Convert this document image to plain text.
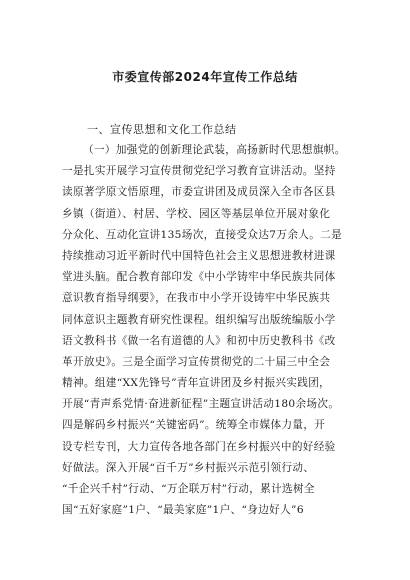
市委宣传部2024年宣传工作总结
一、宣传思想和文化工作总结
（一）加强党的创新理论武装，高扬新时代思想旗帜。
一是扎实开展学习宣传贯彻党纪学习教育宣讲活动。坚持
读原著学原文悟原理，市委宣讲团及成员深入全市各区县
乡镇（街道）、村居、学校、园区等基层单位开展对象化
分众化、互动化宣讲135场次，直接受众达7万余人。二是
持续推动习近平新时代中国特色社会主义思想进教材进课
堂进头脑。配合教育部印发《中小学铸牢中华民族共同体
意识教育指导纲要》，在我市中小学开设铸牢中华民族共
同体意识主题教育研究性课程。组织编写出版统编版小学
语文教科书《做一名有道德的人》和初中历史教科书《改
革开放史》。三是全面学习宣传贯彻党的二十届三中全会
精神。组建“XX先锋号”青年宣讲团及乡村振兴实践团，
开展“青声系党情·奋进新征程”主题宣讲活动180余场次。
四是解码乡村振兴“关键密码”。统筹全市媒体力量，开
设专栏专刊，大力宣传各地各部门在乡村振兴中的好经验
好做法。深入开展“百千万”乡村振兴示范引领行动、
“千企兴千村”行动、“万企联万村”行动，累计选树全
国“五好家庭”1户、“最美家庭”1户、“身边好人”6
